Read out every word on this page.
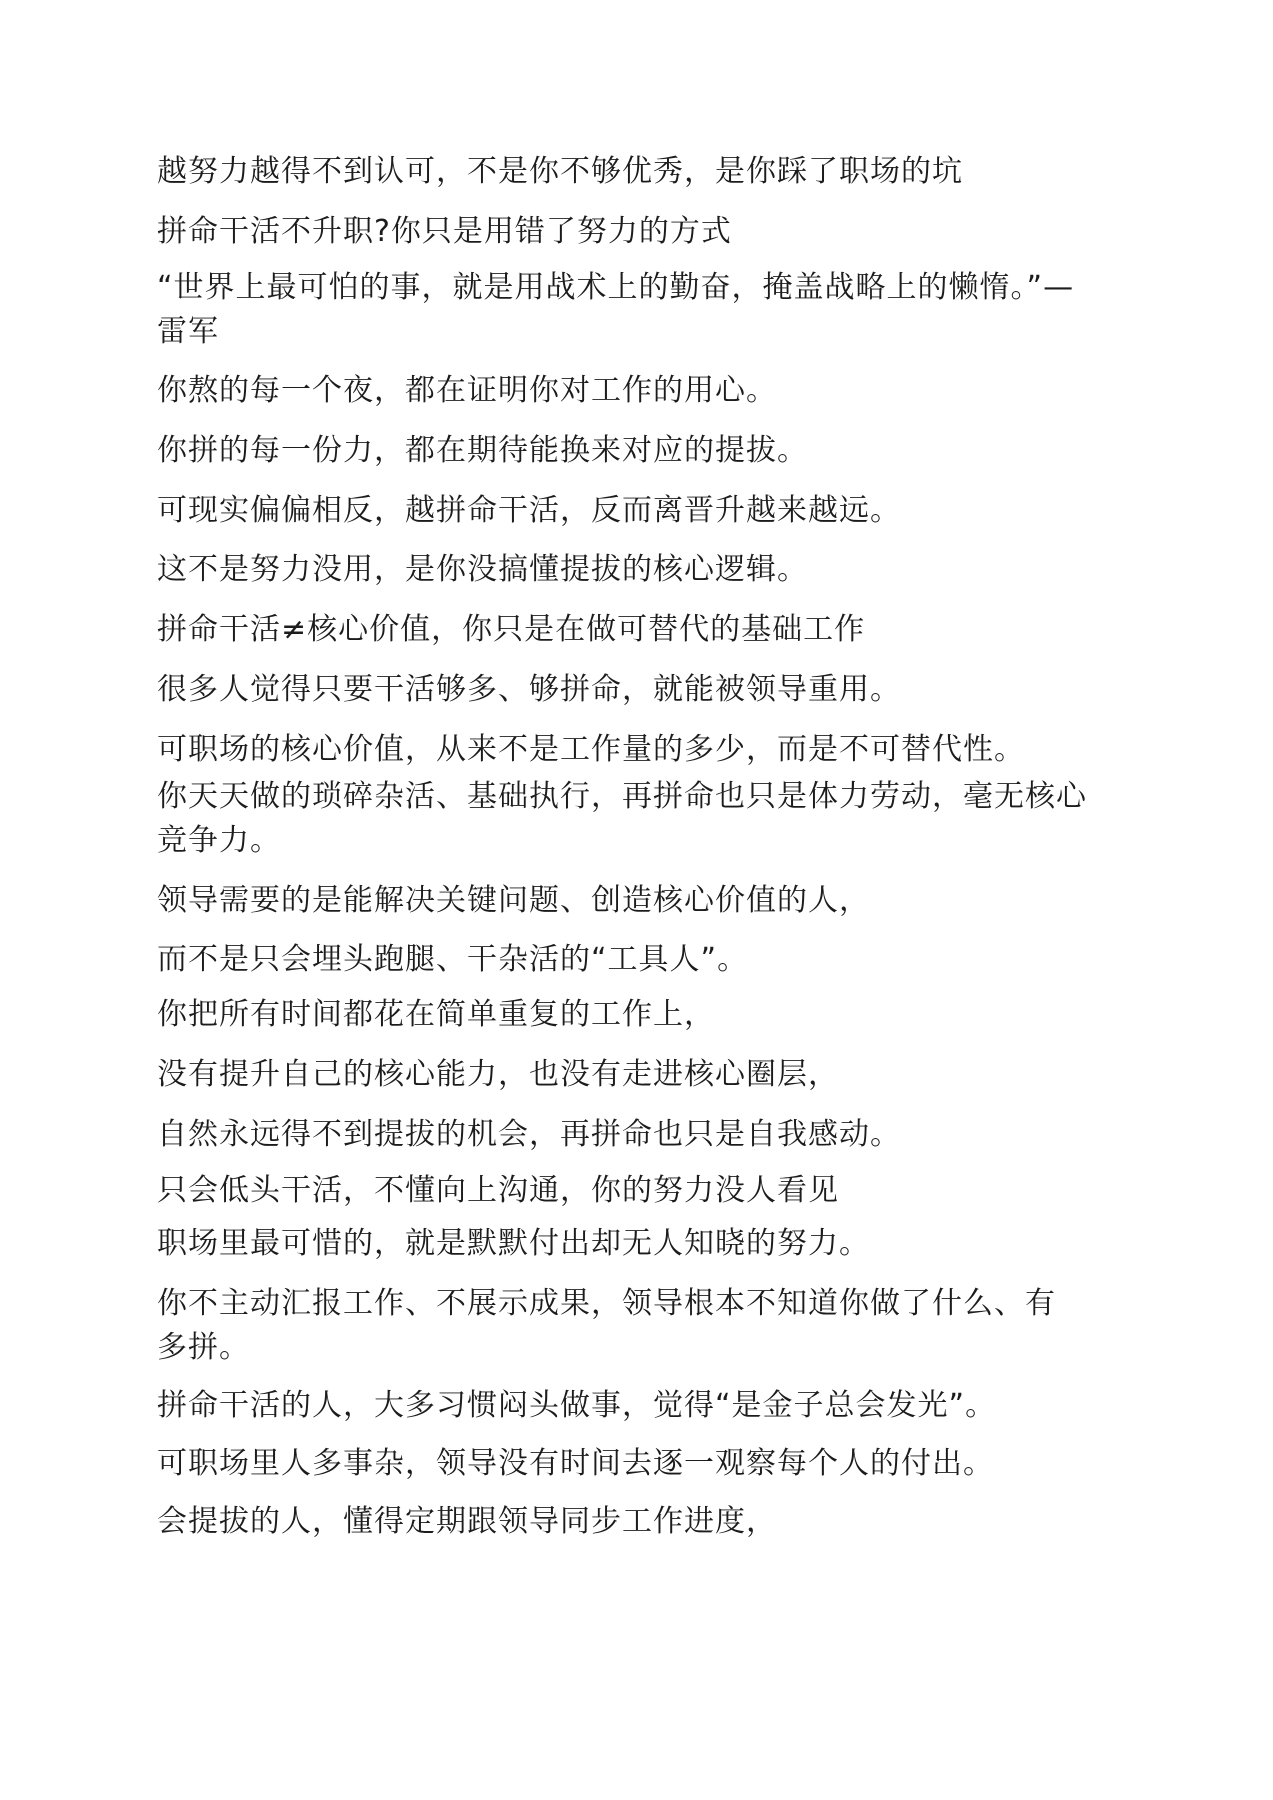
越努力越得不到认可，不是你不够优秀，是你踩了职场的坑

拼命干活不升职?你只是用错了努力的方式

“世界上最可怕的事，就是用战术上的勤奋，掩盖战略上的懒惰。”—雷军

你熬的每一个夜，都在证明你对工作的用心。

你拼的每一份力，都在期待能换来对应的提拔。

可现实偏偏相反，越拼命干活，反而离晋升越来越远。

这不是努力没用，是你没搞懂提拔的核心逻辑。

拼命干活≠核心价值，你只是在做可替代的基础工作

很多人觉得只要干活够多、够拼命，就能被领导重用。

可职场的核心价值，从来不是工作量的多少，而是不可替代性。

你天天做的琐碎杂活、基础执行，再拼命也只是体力劳动，毫无核心竞争力。

领导需要的是能解决关键问题、创造核心价值的人，

而不是只会埋头跑腿、干杂活的“工具人”。

你把所有时间都花在简单重复的工作上，

没有提升自己的核心能力，也没有走进核心圈层，

自然永远得不到提拔的机会，再拼命也只是自我感动。

只会低头干活，不懂向上沟通，你的努力没人看见

职场里最可惜的，就是默默付出却无人知晓的努力。

你不主动汇报工作、不展示成果，领导根本不知道你做了什么、有多拼。

拼命干活的人，大多习惯闷头做事，觉得“是金子总会发光”。

可职场里人多事杂，领导没有时间去逐一观察每个人的付出。

会提拔的人，懂得定期跟领导同步工作进度，
